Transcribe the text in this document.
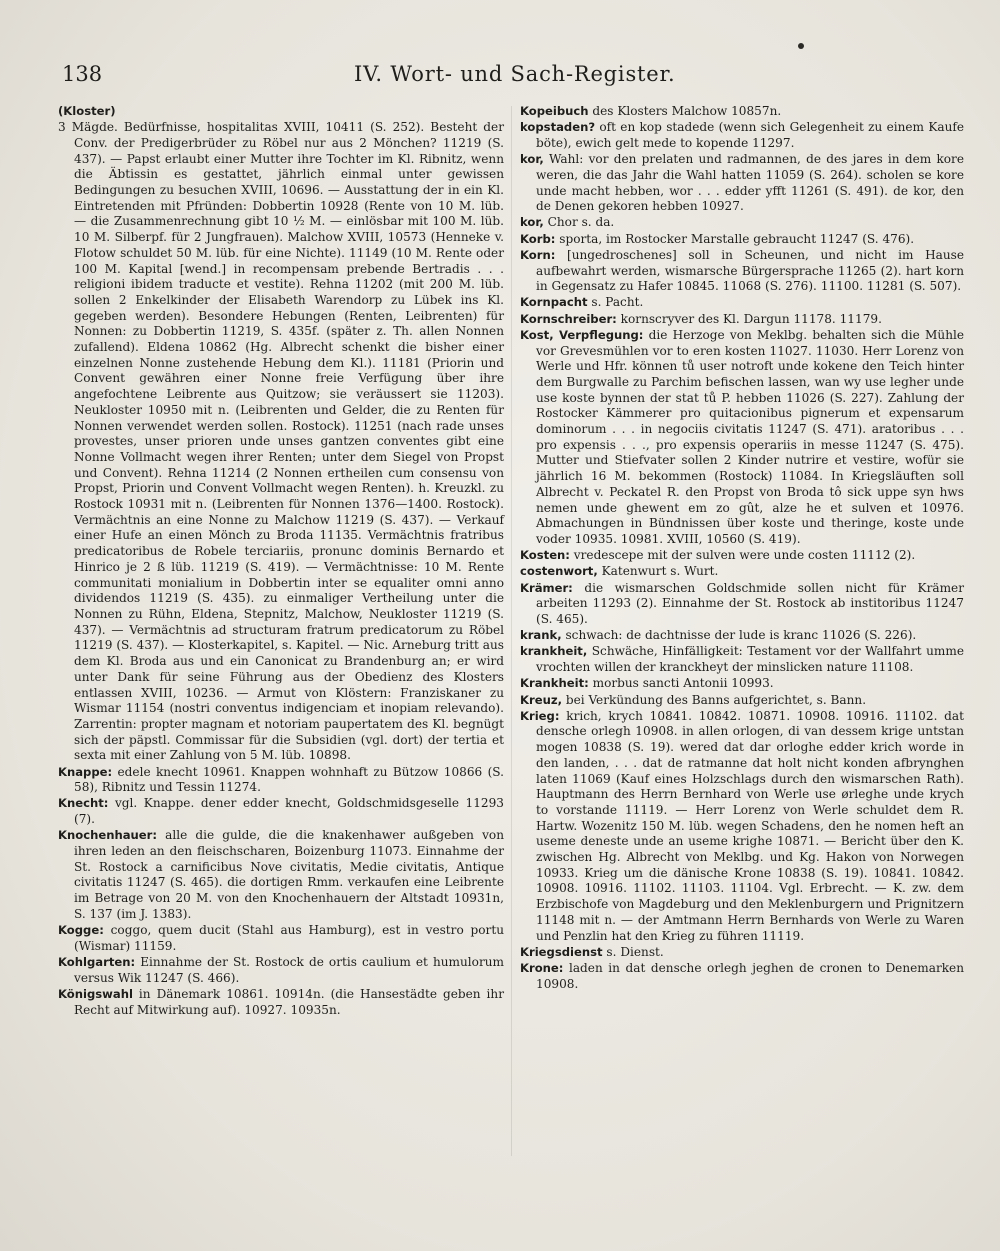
138	IV. Wort- und Sach-Register.

(Kloster)

3 Mägde. Bedürfnisse, hospitalitas XVIII, 10411 (S. 252). Besteht der Conv. der Predigerbrüder zu Röbel nur aus 2 Mönchen? 11219 (S. 437). — Papst erlaubt einer Mutter ihre Tochter im Kl. Ribnitz, wenn die Äbtissin es gestattet, jährlich einmal unter gewissen Bedingungen zu besuchen XVIII, 10696. — Ausstattung der in ein Kl. Eintretenden mit Pfründen: Dobbertin 10928 (Rente von 10 M. lüb. — die Zusammenrechnung gibt 10 ½ M. — einlösbar mit 100 M. lüb. 10 M. Silberpf. für 2 Jungfrauen). Malchow XVIII, 10573 (Henneke v. Flotow schuldet 50 M. lüb. für eine Nichte). 11149 (10 M. Rente oder 100 M. Kapital [wend.] in recompensam prebende Bertradis . . . religioni ibidem traducte et vestite). Rehna 11202 (mit 200 M. lüb. sollen 2 Enkelkinder der Elisabeth Warendorp zu Lübek ins Kl. gegeben werden). Besondere Hebungen (Renten, Leibrenten) für Nonnen: zu Dobbertin 11219, S. 435f. (später z. Th. allen Nonnen zufallend). Eldena 10862 (Hg. Albrecht schenkt die bisher einer einzelnen Nonne zustehende Hebung dem Kl.). 11181 (Priorin und Convent gewähren einer Nonne freie Verfügung über ihre angefochtene Leibrente aus Quitzow; sie veräussert sie 11203). Neukloster 10950 mit n. (Leibrenten und Gelder, die zu Renten für Nonnen verwendet werden sollen. Rostock). 11251 (nach rade unses provestes, unser prioren unde unses gantzen conventes gibt eine Nonne Vollmacht wegen ihrer Renten; unter dem Siegel von Propst und Convent). Rehna 11214 (2 Nonnen ertheilen cum consensu von Propst, Priorin und Convent Vollmacht wegen Renten). h. Kreuzkl. zu Rostock 10931 mit n. (Leibrenten für Nonnen 1376—1400. Rostock). Vermächtnis an eine Nonne zu Malchow 11219 (S. 437). — Verkauf einer Hufe an einen Mönch zu Broda 11135. Vermächtnis fratribus predicatoribus de Robele terciariis, pronunc dominis Bernardo et Hinrico je 2 ß lüb. 11219 (S. 419). — Vermächtnisse: 10 M. Rente communitati monialium in Dobbertin inter se equaliter omni anno dividendos 11219 (S. 435). zu einmaliger Vertheilung unter die Nonnen zu Rühn, Eldena, Stepnitz, Malchow, Neukloster 11219 (S. 437). — Vermächtnis ad structuram fratrum predicatorum zu Röbel 11219 (S. 437). — Klosterkapitel, s. Kapitel. — Nic. Arneburg tritt aus dem Kl. Broda aus und ein Canonicat zu Brandenburg an; er wird unter Dank für seine Führung aus der Obedienz des Klosters entlassen XVIII, 10236. — Armut von Klöstern: Franziskaner zu Wismar 11154 (nostri conventus indigenciam et inopiam relevando). Zarrentin: propter magnam et notoriam paupertatem des Kl. begnügt sich der päpstl. Commissar für die Subsidien (vgl. dort) der tertia et sexta mit einer Zahlung von 5 M. lüb. 10898.

Knappe: edele knecht 10961. Knappen wohnhaft zu Bützow 10866 (S. 58), Ribnitz und Tessin 11274.

Knecht: vgl. Knappe. dener edder knecht, Goldschmidsgeselle 11293 (7).

Knochenhauer: alle die gulde, die die knakenhawer außgeben von ihren leden an den fleischscharen, Boizenburg 11073. Einnahme der St. Rostock a carnificibus Nove civitatis, Medie civitatis, Antique civitatis 11247 (S. 465). die dortigen Rmm. verkaufen eine Leibrente im Betrage von 20 M. von den Knochenhauern der Altstadt 10931n, S. 137 (im J. 1383).

Kogge: coggo, quem ducit (Stahl aus Hamburg), est in vestro portu (Wismar) 11159.

Kohlgarten: Einnahme der St. Rostock de ortis caulium et humulorum versus Wik 11247 (S. 466).

Königswahl in Dänemark 10861. 10914n. (die Hansestädte geben ihr Recht auf Mitwirkung auf). 10927. 10935n.

Kopeibuch des Klosters Malchow 10857n.

kopstaden? oft en kop stadede (wenn sich Gelegenheit zu einem Kaufe böte), ewich gelt mede to kopende 11297.

kor, Wahl: vor den prelaten und radmannen, de des jares in dem kore weren, die das Jahr die Wahl hatten 11059 (S. 264). scholen se kore unde macht hebben, wor . . . edder yfft 11261 (S. 491). de kor, den de Denen gekoren hebben 10927.

kor, Chor s. da.

Korb: sporta, im Rostocker Marstalle gebraucht 11247 (S. 476).

Korn: [ungedroschenes] soll in Scheunen, und nicht im Hause aufbewahrt werden, wismarsche Bürgersprache 11265 (2). hart korn in Gegensatz zu Hafer 10845. 11068 (S. 276). 11100. 11281 (S. 507).

Kornpacht s. Pacht.

Kornschreiber: kornscryver des Kl. Dargun 11178. 11179.

Kost, Verpflegung: die Herzoge von Meklbg. behalten sich die Mühle vor Grevesmühlen vor to eren kosten 11027. 11030. Herr Lorenz von Werle und Hfr. können tů user notroft unde kokene den Teich hinter dem Burgwalle zu Parchim befischen lassen, wan wy use legher unde use koste bynnen der stat tů P. hebben 11026 (S. 227). Zahlung der Rostocker Kämmerer pro quitacionibus pignerum et expensarum dominorum . . . in negociis civitatis 11247 (S. 471). aratoribus . . . pro expensis . . ., pro expensis operariis in messe 11247 (S. 475). Mutter und Stiefvater sollen 2 Kinder nutrire et vestire, wofür sie jährlich 16 M. bekommen (Rostock) 11084. In Kriegsläuften soll Albrecht v. Peckatel R. den Propst von Broda tô sick uppe syn hws nemen unde ghewent em zo gût, alze he et sulven et 10976. Abmachungen in Bündnissen über koste und theringe, koste unde voder 10935. 10981. XVIII, 10560 (S. 419).

Kosten: vredescepe mit der sulven were unde costen 11112 (2).

costenwort, Katenwurt s. Wurt.

Krämer: die wismarschen Goldschmide sollen nicht für Krämer arbeiten 11293 (2). Einnahme der St. Rostock ab institoribus 11247 (S. 465).

krank, schwach: de dachtnisse der lude is kranc 11026 (S. 226).

krankheit, Schwäche, Hinfälligkeit: Testament vor der Wallfahrt umme vrochten willen der kranckheyt der minslicken nature 11108.

Krankheit: morbus sancti Antonii 10993.

Kreuz, bei Verkündung des Banns aufgerichtet, s. Bann.

Krieg: krich, krych 10841. 10842. 10871. 10908. 10916. 11102. dat densche orlegh 10908. in allen orlogen, di van dessem krige untstan mogen 10838 (S. 19). wered dat dar orloghe edder krich worde in den landen, . . . dat de ratmanne dat holt nicht konden afbrynghen laten 11069 (Kauf eines Holzschlags durch den wismarschen Rath). Hauptmann des Herrn Bernhard von Werle use ørleghe unde krych to vorstande 11119. — Herr Lorenz von Werle schuldet dem R. Hartw. Wozenitz 150 M. lüb. wegen Schadens, den he nomen heft an useme deneste unde an useme krighe 10871. — Bericht über den K. zwischen Hg. Albrecht von Meklbg. und Kg. Hakon von Norwegen 10933. Krieg um die dänische Krone 10838 (S. 19). 10841. 10842. 10908. 10916. 11102. 11103. 11104. Vgl. Erbrecht. — K. zw. dem Erzbischofe von Magdeburg und den Meklenburgern und Prignitzern 11148 mit n. — der Amtmann Herrn Bernhards von Werle zu Waren und Penzlin hat den Krieg zu führen 11119.

Kriegsdienst s. Dienst.

Krone: laden in dat densche orlegh jeghen de cronen to Denemarken 10908.
